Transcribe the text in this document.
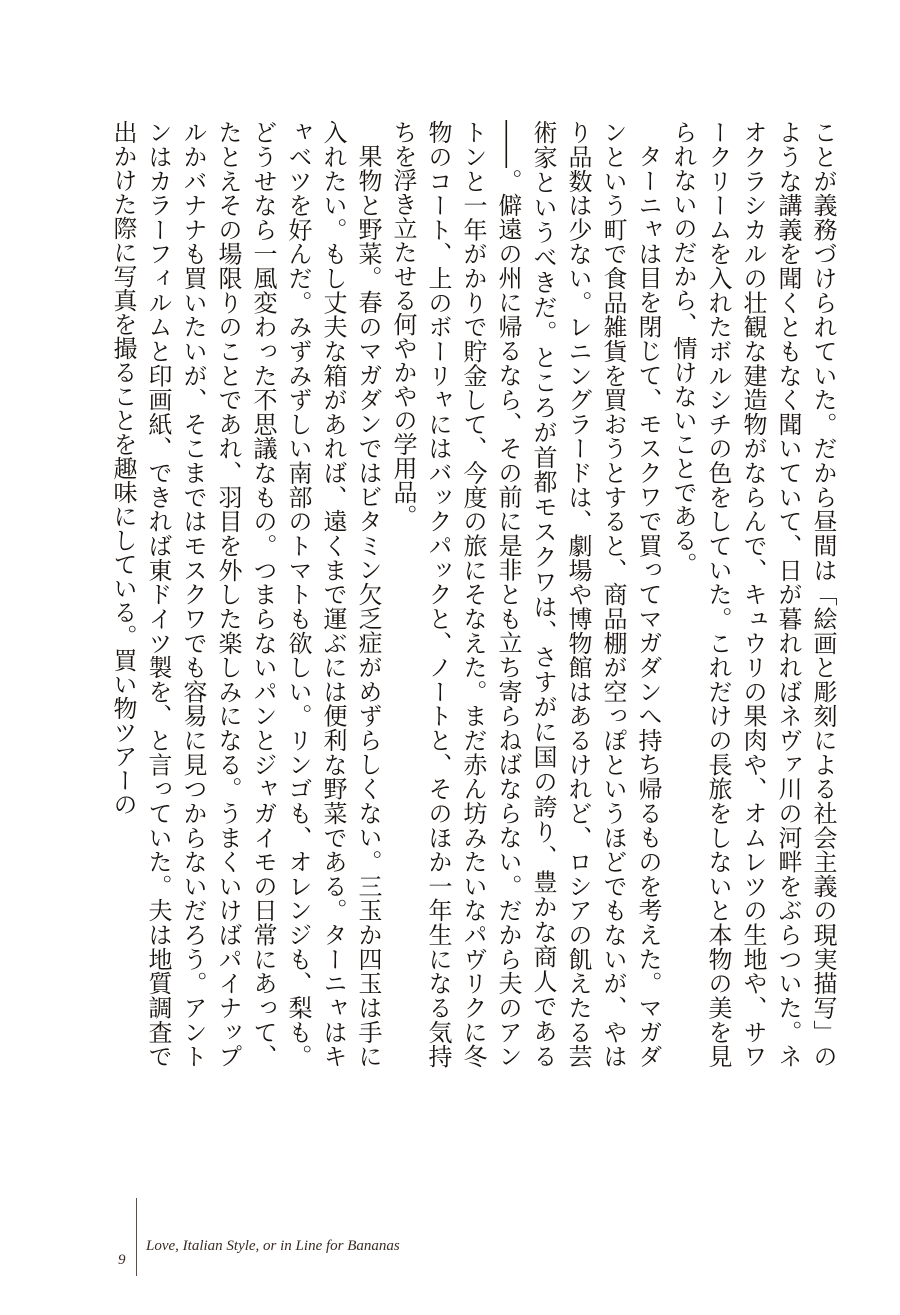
ことが義務づけられていた。だから昼間は「絵画と彫刻による社会主義の現実描写」のような講義を聞くともなく聞いていて、日が暮れればネヴァ川の河畔をぶらついた。ネオクラシカルの壮観な建造物がならんで、キュウリの果肉や、オムレツの生地や、サワークリームを入れたボルシチの色をしていた。これだけの長旅をしないと本物の美を見られないのだから、情けないことである。

ターニャは目を閉じて、モスクワで買ってマガダンへ持ち帰るものを考えた。マガダンという町で食品雑貨を買おうとすると、商品棚が空っぽというほどでもないが、やはり品数は少ない。レニングラードは、劇場や博物館はあるけれど、ロシアの飢えたる芸術家というべきだ。ところが首都モスクワは、さすがに国の誇り、豊かな商人である――。僻遠の州に帰るなら、その前に是非とも立ち寄らねばならない。だから夫のアントンと一年がかりで貯金して、今度の旅にそなえた。まだ赤ん坊みたいなパヴリクに冬物のコート、上のボーリャにはバックパックと、ノートと、そのほか一年生になる気持ちを浮き立たせる何やかやの学用品。

果物と野菜。春のマガダンではビタミン欠乏症がめずらしくない。三玉か四玉は手に入れたい。もし丈夫な箱があれば、遠くまで運ぶには便利な野菜である。ターニャはキャベツを好んだ。みずみずしい南部のトマトも欲しい。リンゴも、オレンジも、梨も。どうせなら一風変わった不思議なもの。つまらないパンとジャガイモの日常にあって、たとえその場限りのことであれ、羽目を外した楽しみになる。うまくいけばパイナップルかバナナも買いたいが、そこまではモスクワでも容易に見つからないだろう。アントンはカラーフィルムと印画紙、できれば東ドイツ製を、と言っていた。夫は地質調査で出かけた際に写真を撮ることを趣味にしている。買い物ツアーの

9
Love, Italian Style, or in Line for Bananas
